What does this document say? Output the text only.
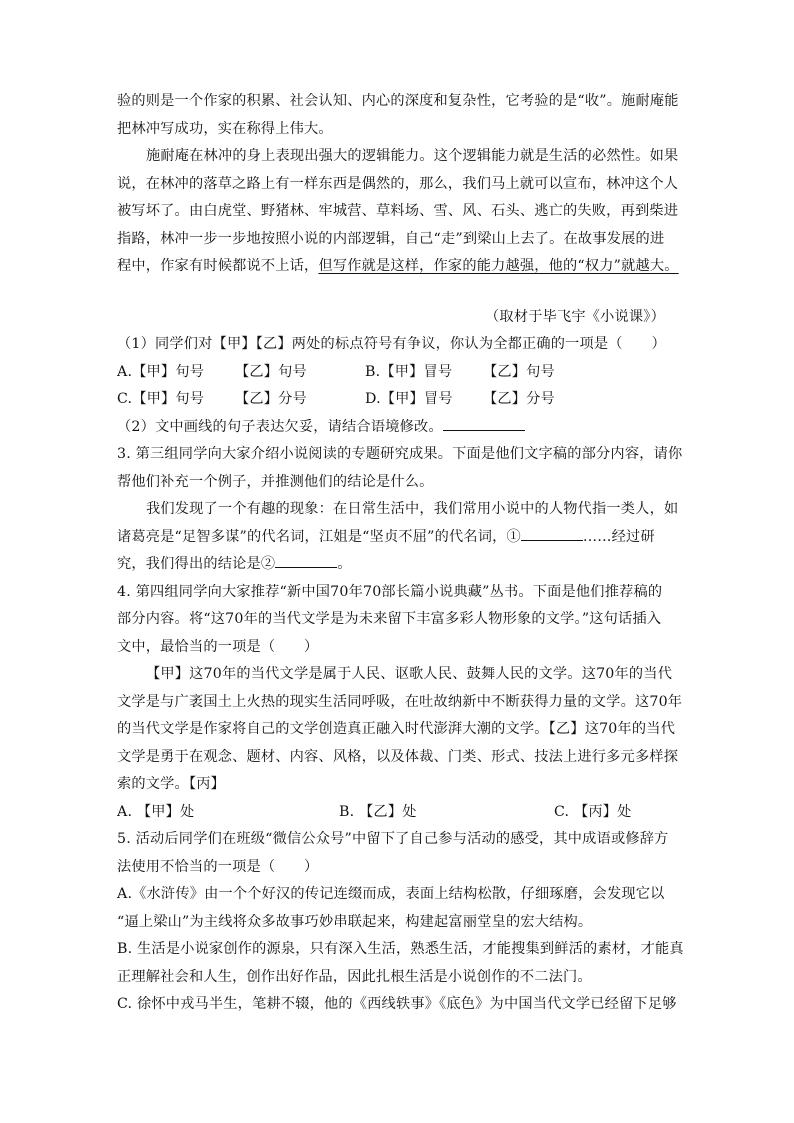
验的则是一个作家的积累、社会认知、内心的深度和复杂性，它考验的是“收”。施耐庵能
把林冲写成功，实在称得上伟大。
施耐庵在林冲的身上表现出强大的逻辑能力。这个逻辑能力就是生活的必然性。如果
说，在林冲的落草之路上有一样东西是偶然的，那么，我们马上就可以宣布，林冲这个人
被写坏了。由白虎堂、野猪林、牢城营、草料场、雪、风、石头、逃亡的失败，再到柴进
指路，林冲一步一步地按照小说的内部逻辑，自己“走”到梁山上去了。在故事发展的进
程中，作家有时候都说不上话，但写作就是这样，作家的能力越强，他的“权力”就越大。
（取材于毕飞宇《小说课》）
（1）同学们对【甲】【乙】两处的标点符号有争议，你认为全都正确的一项是（　　）
A.【甲】句号 【乙】句号	B.【甲】冒号 【乙】句号
C.【甲】句号 【乙】分号	D.【甲】冒号 【乙】分号
（2）文中画线的句子表达欠妥，请结合语境修改。
3. 第三组同学向大家介绍小说阅读的专题研究成果。下面是他们文字稿的部分内容，请你
帮他们补充一个例子，并推测他们的结论是什么。
我们发现了一个有趣的现象：在日常生活中，我们常用小说中的人物代指一类人，如
诸葛亮是“足智多谋”的代名词，江姐是“坚贞不屈”的代名词，①	……经过研
究，我们得出的结论是②	。
4. 第四组同学向大家推荐“新中国70年70部长篇小说典藏”丛书。下面是他们推荐稿的
部分内容。将“这70年的当代文学是为未来留下丰富多彩人物形象的文学。”这句话插入
文中，最恰当的一项是（　　）
【甲】这70年的当代文学是属于人民、讴歌人民、鼓舞人民的文学。这70年的当代
文学是与广袤国土上火热的现实生活同呼吸，在吐故纳新中不断获得力量的文学。这70年
的当代文学是作家将自己的文学创造真正融入时代澎湃大潮的文学。【乙】这70年的当代
文学是勇于在观念、题材、内容、风格，以及体裁、门类、形式、技法上进行多元多样探
索的文学。【丙】
A. 【甲】处	B. 【乙】处	C. 【丙】处
5. 活动后同学们在班级“微信公众号”中留下了自己参与活动的感受，其中成语或修辞方
法使用不恰当的一项是（　　）
A.《水浒传》由一个个好汉的传记连缀而成，表面上结构松散，仔细琢磨，会发现它以
“逼上梁山”为主线将众多故事巧妙串联起来，构建起富丽堂皇的宏大结构。
B. 生活是小说家创作的源泉，只有深入生活，熟悉生活，才能搜集到鲜活的素材，才能真
正理解社会和人生，创作出好作品，因此扎根生活是小说创作的不二法门。
C. 徐怀中戎马半生，笔耕不辍，他的《西线轶事》《底色》为中国当代文学已经留下足够
